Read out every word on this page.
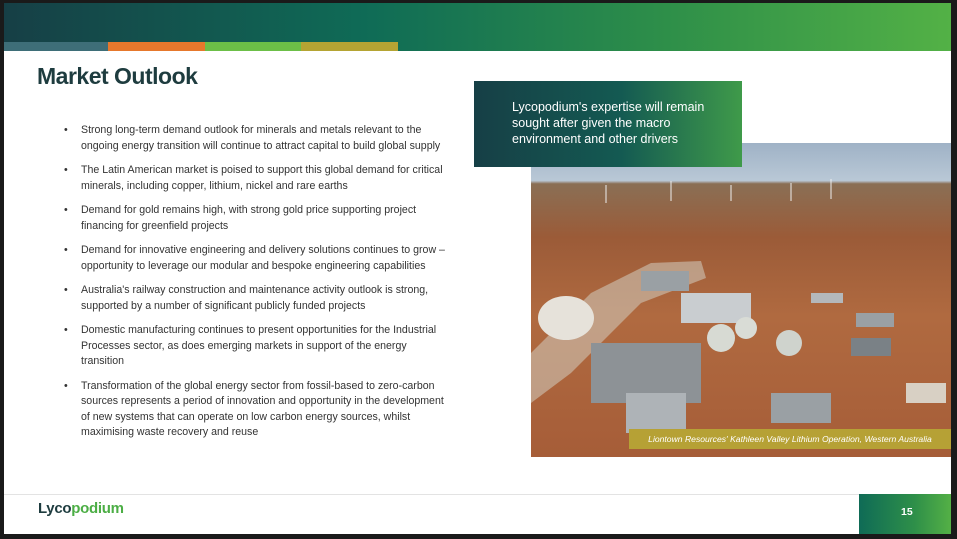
Market Outlook
• Strong long-term demand outlook for minerals and metals relevant to the ongoing energy transition will continue to attract capital to build global supply
• The Latin American market is poised to support this global demand for critical minerals, including copper, lithium, nickel and rare earths
• Demand for gold remains high, with strong gold price supporting project financing for greenfield projects
• Demand for innovative engineering and delivery solutions continues to grow – opportunity to leverage our modular and bespoke engineering capabilities
• Australia's railway construction and maintenance activity outlook is strong, supported by a number of significant publicly funded projects
• Domestic manufacturing continues to present opportunities for the Industrial Processes sector, as does emerging markets in support of the energy transition
• Transformation of the global energy sector from fossil-based to zero-carbon sources represents a period of innovation and opportunity in the development of new systems that can operate on low carbon energy sources, whilst maximising waste recovery and reuse
Lycopodium's expertise will remain sought after given the macro environment and other drivers
Liontown Resources' Kathleen Valley Lithium Operation, Western Australia
Lycopodium	15
